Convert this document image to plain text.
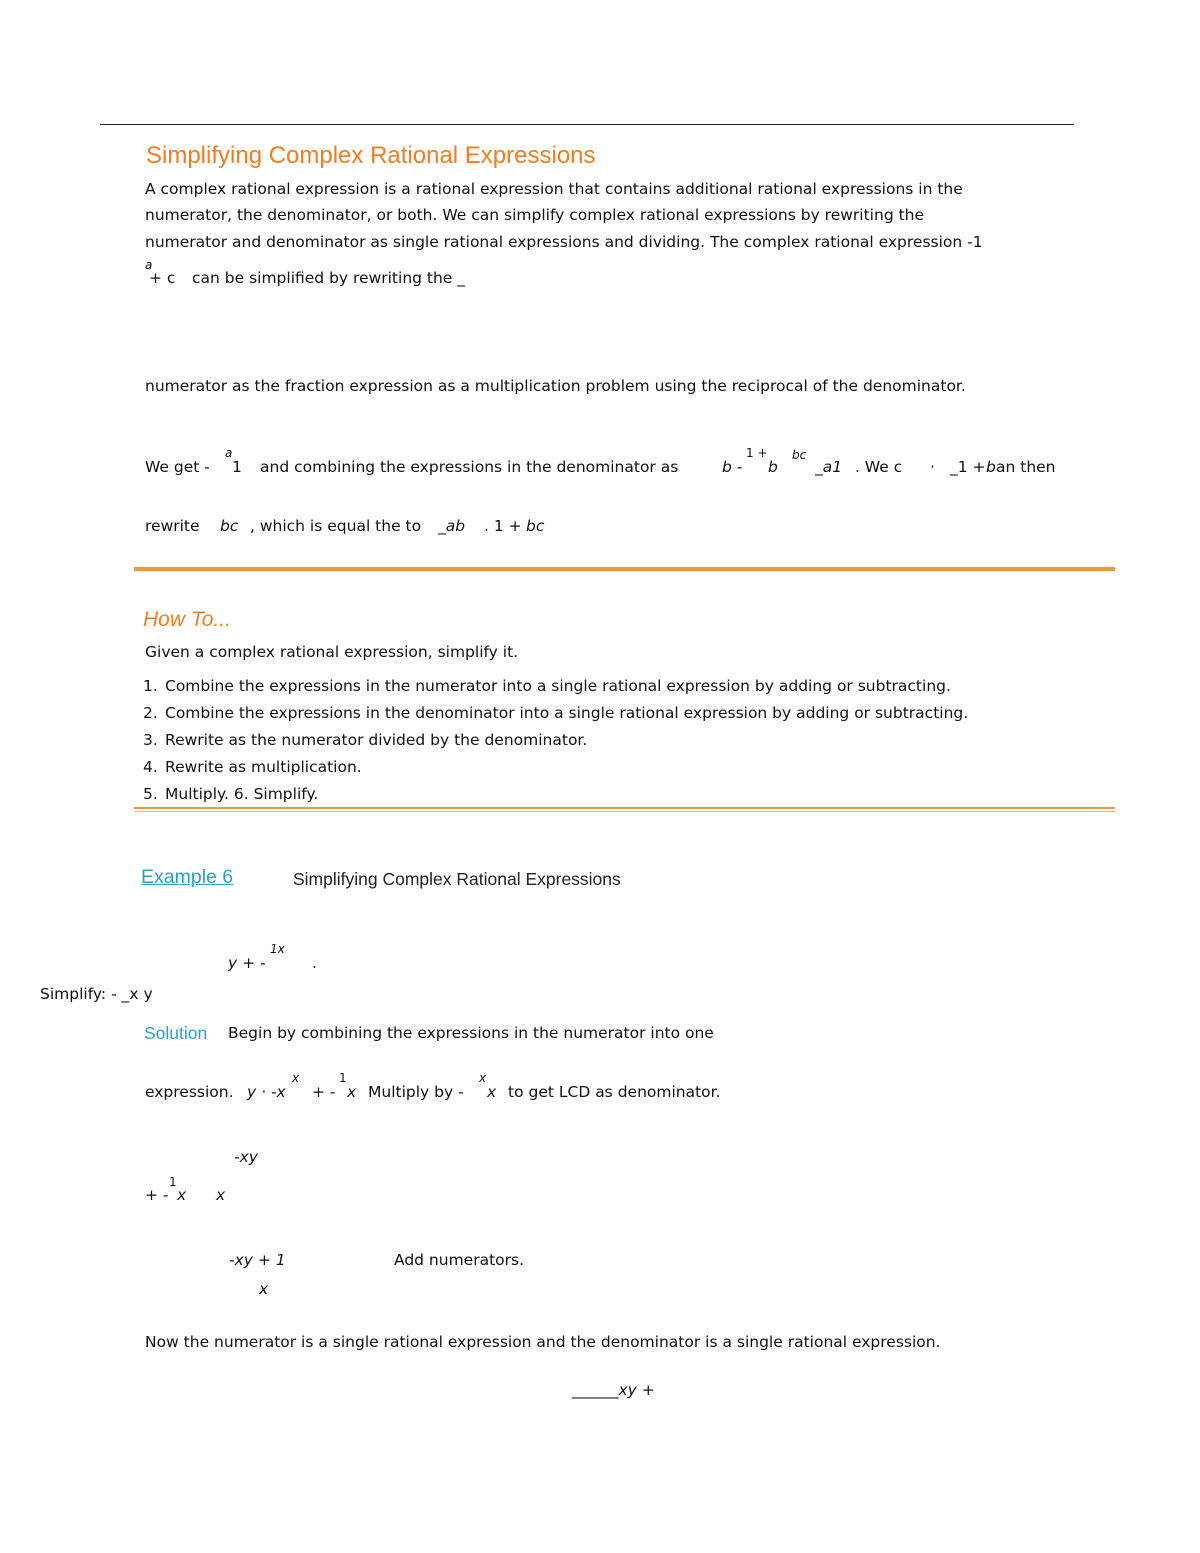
Simplifying Complex Rational Expressions
A complex rational expression is a rational expression that contains additional rational expressions in the
numerator, the denominator, or both. We can simplify complex rational expressions by rewriting the
numerator and denominator as single rational expressions and dividing. The complex rational expression -1
a
+ c can be simplified by rewriting the _
numerator as the fraction expression as a multiplication problem using the reciprocal of the denominator.
We get -
a
1 and combining the expressions in the denominator as	b -
1 +
b
bc
_a1 . We c · _1 + b an then
rewrite bc , which is equal the to _ab . 1 + bc
How To...
Given a complex rational expression, simplify it.
1. Combine the expressions in the numerator into a single rational expression by adding or subtracting.
2. Combine the expressions in the denominator into a single rational expression by adding or subtracting.
3. Rewrite as the numerator divided by the denominator.
4. Rewrite as multiplication.
5. Multiply. 6. Simplify.
Example 6	Simplifying Complex Rational Expressions
y + -
1x
.
Simplify: - _x y
Solution Begin by combining the expressions in the numerator into one
expression. y · -x
x
+ -
1
x Multiply by -
x
x to get LCD as denominator.
-xy
+ -
1
x x
-xy + 1	Add numerators.
x
Now the numerator is a single rational expression and the denominator is a single rational expression.
______xy +
